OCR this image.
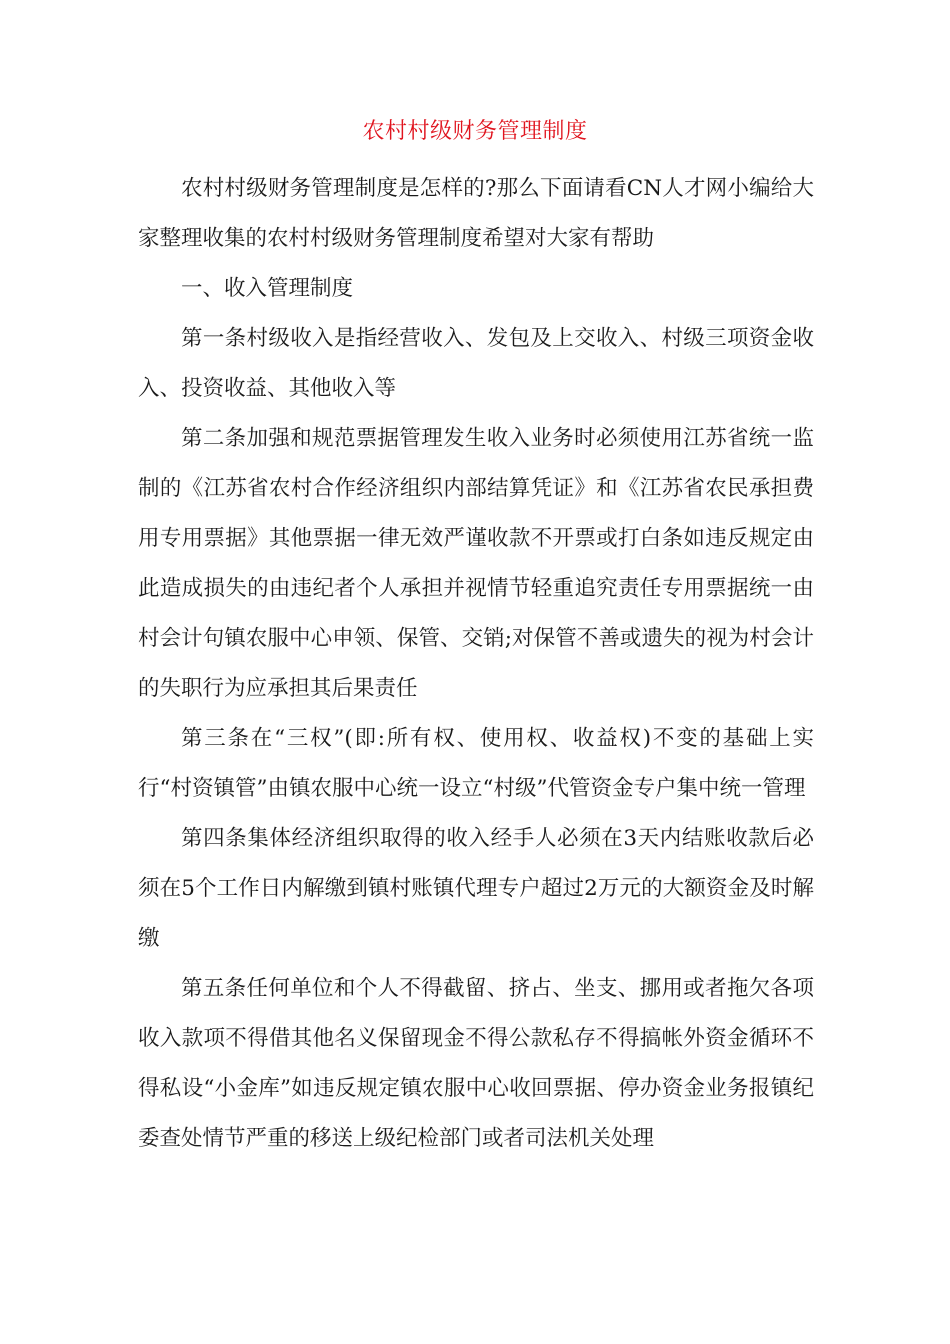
农村村级财务管理制度

农村村级财务管理制度是怎样的?那么下面请看CN人才网小编给大家整理收集的农村村级财务管理制度希望对大家有帮助

一、收入管理制度

第一条村级收入是指经营收入、发包及上交收入、村级三项资金收入、投资收益、其他收入等

第二条加强和规范票据管理发生收入业务时必须使用江苏省统一监制的《江苏省农村合作经济组织内部结算凭证》和《江苏省农民承担费用专用票据》其他票据一律无效严谨收款不开票或打白条如违反规定由此造成损失的由违纪者个人承担并视情节轻重追究责任专用票据统一由村会计句镇农服中心申领、保管、交销;对保管不善或遗失的视为村会计的失职行为应承担其后果责任

第三条在“三权”(即:所有权、使用权、收益权)不变的基础上实行“村资镇管”由镇农服中心统一设立“村级”代管资金专户集中统一管理

第四条集体经济组织取得的收入经手人必须在3天内结账收款后必须在5个工作日内解缴到镇村账镇代理专户超过2万元的大额资金及时解缴

第五条任何单位和个人不得截留、挤占、坐支、挪用或者拖欠各项收入款项不得借其他名义保留现金不得公款私存不得搞帐外资金循环不得私设“小金库”如违反规定镇农服中心收回票据、停办资金业务报镇纪委查处情节严重的移送上级纪检部门或者司法机关处理
